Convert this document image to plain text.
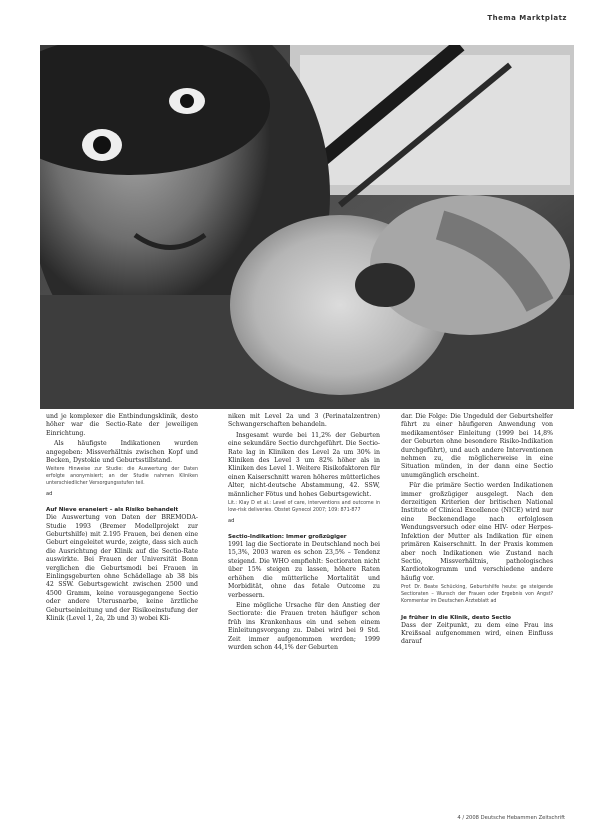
Thema Marktplatz

und je komplexer die Entbindungsklinik, desto höher war die Sectio-Rate der jeweiligen Einrichtung.

Als häufigste Indikationen wurden angegeben: Missverhältnis zwischen Kopf und Becken, Dystokie und Geburtsstillstand.

Weitere Hinweise zur Studie: die Auswertung der Daten erfolgte anonymisiert; an der Studie nahmen Kliniken unterschiedlicher Versorgungsstufen teil.

ad

Auf Nieve eraneiert – als Risiko behandelt

Die Auswertung von Daten der BREMODA-Studie 1993 (Bremer Modellprojekt zur Geburtshilfe) mit 2.195 Frauen, bei denen eine Geburt eingeleitet wurde, zeigte, dass sich auch die Ausrichtung der Klinik auf die Sectio-Rate auswirkte. Bei Frauen der Universität Bonn verglichen die Geburtsmodi bei Frauen in Einlingsgeburten ohne Schädellage ab 38 bis 42 SSW. Geburtsgewicht zwischen 2500 und 4500 Gramm, keine vorausgegangene Sectio oder andere Uterusnarbe, keine ärztliche Geburtseinleitung und der Risikoeinstufung der Klinik (Level 1, 2a, 2b und 3) wobei Kli-

niken mit Level 2a und 3 (Perinatalzentren) Schwangerschaften behandeln.

Insgesamt wurde bei 11,2% der Geburten eine sekundäre Sectio durchgeführt. Die Sectio-Rate lag in Kliniken des Level 2a um 30% in Kliniken des Level 3 um 82% höher als in Kliniken des Level 1. Weitere Risikofaktoren für einen Kaiserschnitt waren höheres mütterliches Alter, nicht-deutsche Abstammung, 42. SSW, männlicher Fötus und hohes Geburtsgewicht.

Lit.: Klay D et al.: Level of care, interventions and outcome in low-risk deliveries. Obstet Gynecol 2007; 109: 871-877

ad

Sectio-Indikation: Immer großzügiger

1991 lag die Sectiorate in Deutschland noch bei 15,3%, 2003 waren es schon 23,5% – Tendenz steigend. Die WHO empfiehlt: Sectioraten nicht über 15% steigen zu lassen, höhere Raten erhöhen die mütterliche Mortalität und Morbidität, ohne das fetale Outcome zu verbessern.

Eine mögliche Ursache für den Anstieg der Sectiorate: die Frauen treten häufiger schon früh ins Krankenhaus ein und sehen einem Einleitungsvorgang zu. Dabei wird bei 9 Std. Zeit immer aufgenommen werden; 1999 wurden schon 44,1% der Geburten

dar. Die Folge: Die Ungeduld der Geburtshelfer führt zu einer häufigeren Anwendung von medikamentöser Einleitung (1999 bei 14,8% der Geburten ohne besondere Risiko-Indikation durchgeführt), und auch andere Interventionen nehmen zu, die möglicherweise in eine Situation münden, in der dann eine Sectio unumgänglich erscheint.

Für die primäre Sectio werden Indikationen immer großzügiger ausgelegt. Nach den derzeitigen Kriterien der britischen National Institute of Clinical Excellence (NICE) wird nur eine Beckenendlage nach erfolglosen Wendungsversuch oder eine HIV- oder Herpes-Infektion der Mutter als Indikation für einen primären Kaiserschnitt. In der Praxis kommen aber noch Indikationen wie Zustand nach Sectio, Missverhältnis, pathologisches Kardiotokogramm und verschiedene andere häufig vor.

Prof. Dr. Beate Schücking, Geburtshilfe heute: ge steigende Sectioraten – Wunsch der Frauen oder Ergebnis von Angst? Kommentar im Deutschen Ärzteblatt ad

Je früher in die Klinik, desto Sectio

Dass der Zeitpunkt, zu dem eine Frau ins Kreißsaal aufgenommen wird, einen Einfluss darauf

4 / 2008 Deutsche Hebammen Zeitschrift
